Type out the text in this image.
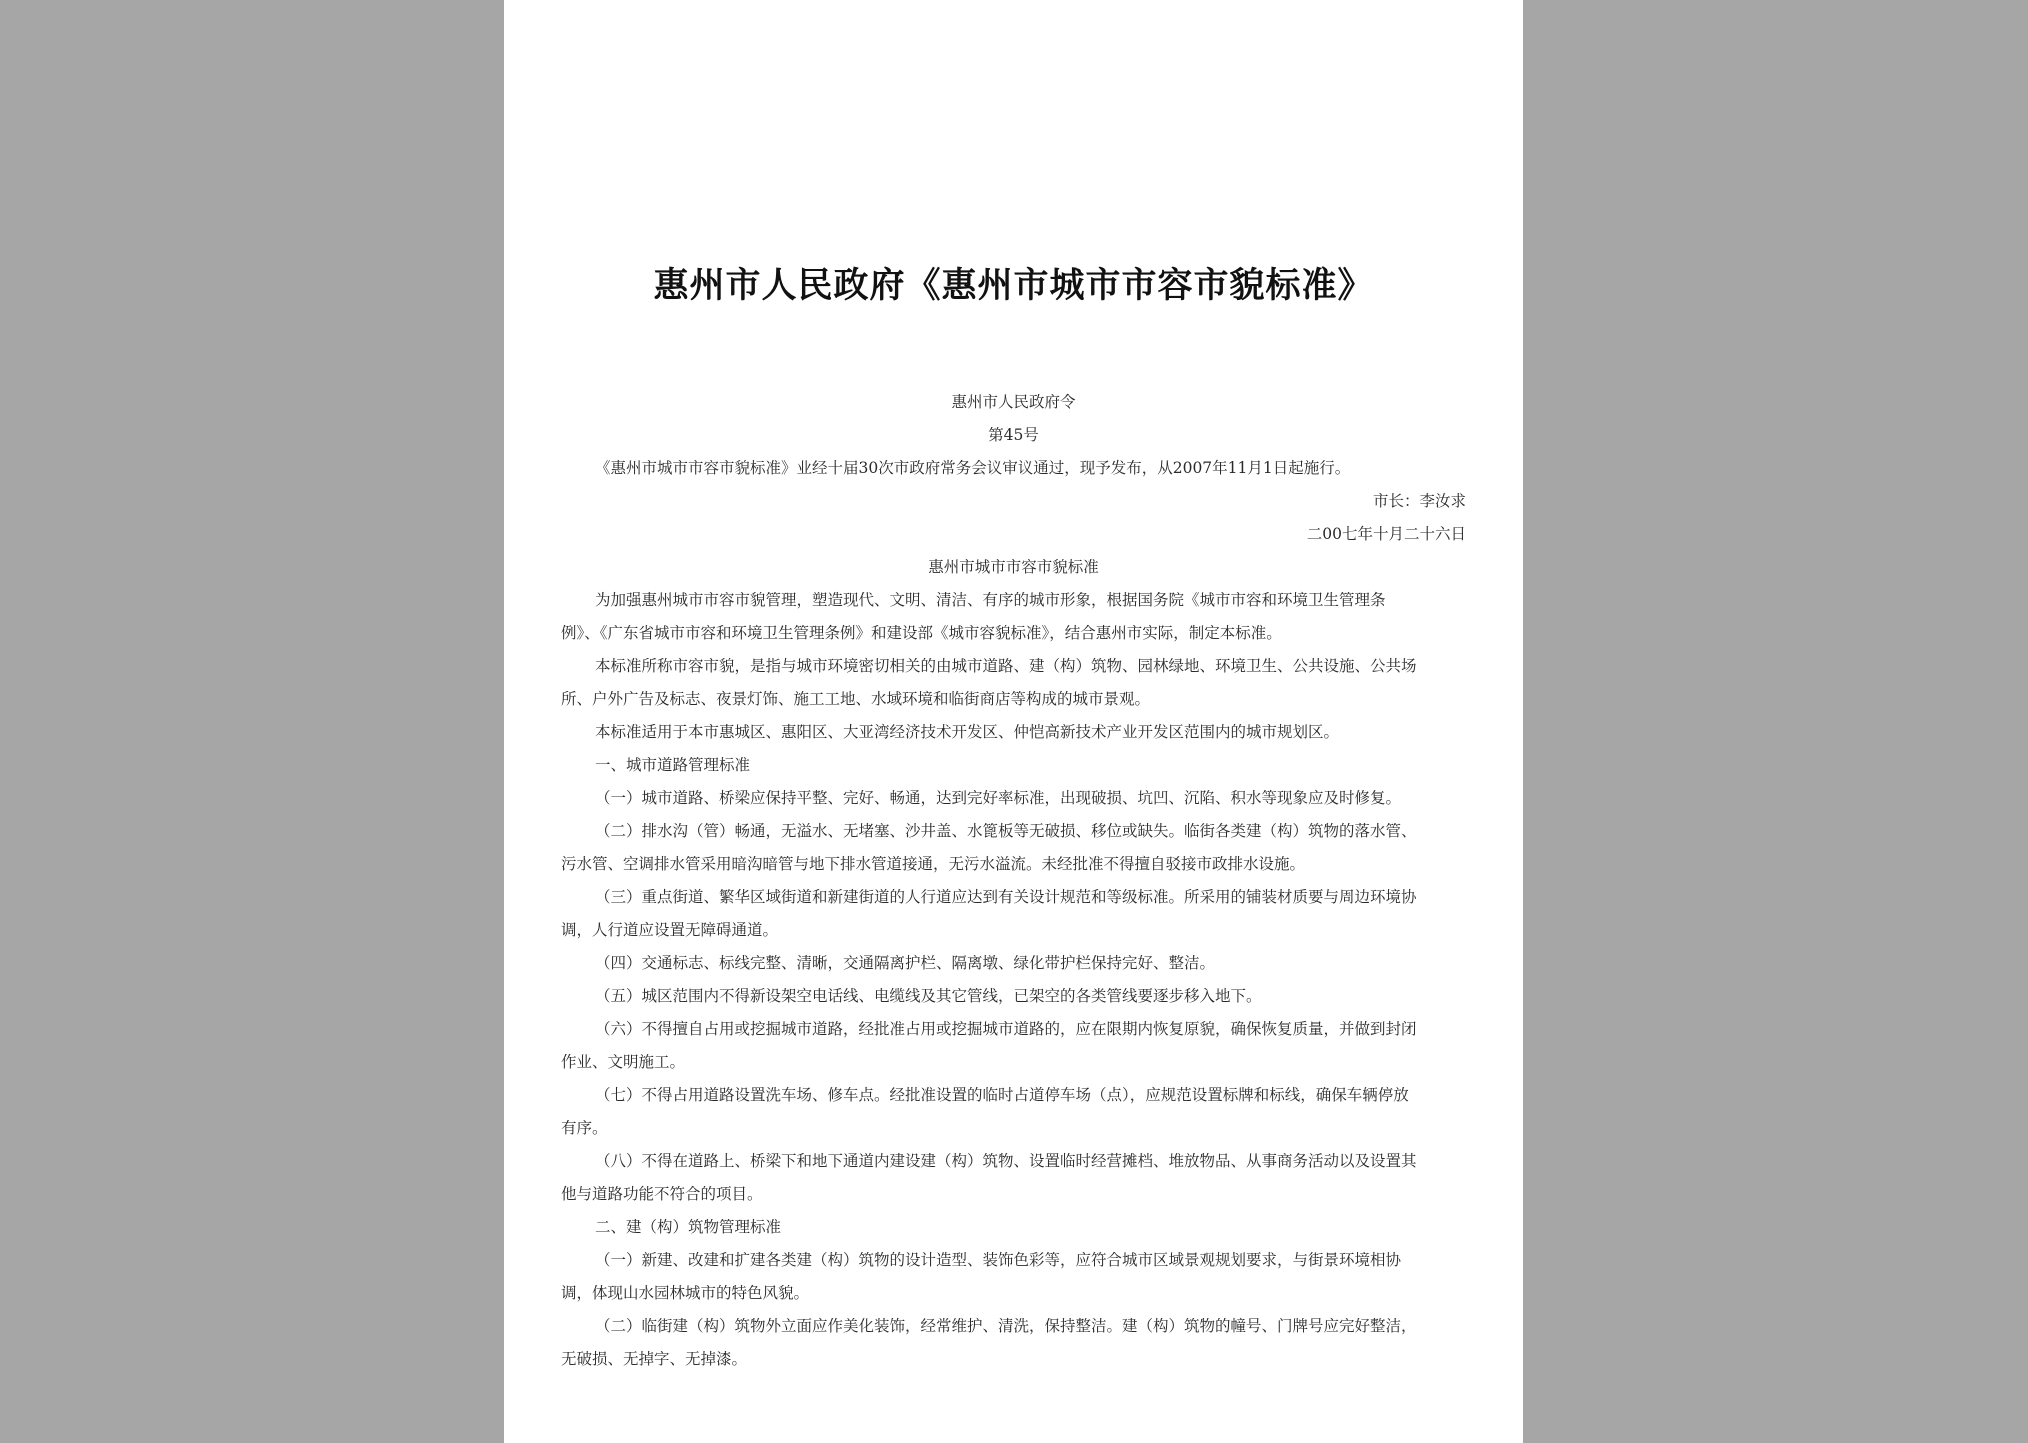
惠州市人民政府《惠州市城市市容市貌标准》
惠州市人民政府令
第45号
《惠州市城市市容市貌标准》业经十届30次市政府常务会议审议通过，现予发布，从2007年11月1日起施行。
市长：李汝求
二00七年十月二十六日
惠州市城市市容市貌标准
为加强惠州城市市容市貌管理，塑造现代、文明、清洁、有序的城市形象，根据国务院《城市市容和环境卫生管理条
例》、《广东省城市市容和环境卫生管理条例》和建设部《城市容貌标准》，结合惠州市实际，制定本标准。
本标准所称市容市貌，是指与城市环境密切相关的由城市道路、建（构）筑物、园林绿地、环境卫生、公共设施、公共场
所、户外广告及标志、夜景灯饰、施工工地、水域环境和临街商店等构成的城市景观。
本标准适用于本市惠城区、惠阳区、大亚湾经济技术开发区、仲恺高新技术产业开发区范围内的城市规划区。
一、城市道路管理标准
（一）城市道路、桥梁应保持平整、完好、畅通，达到完好率标准，出现破损、坑凹、沉陷、积水等现象应及时修复。
（二）排水沟（管）畅通，无溢水、无堵塞、沙井盖、水篦板等无破损、移位或缺失。临街各类建（构）筑物的落水管、
污水管、空调排水管采用暗沟暗管与地下排水管道接通，无污水溢流。未经批准不得擅自驳接市政排水设施。
（三）重点街道、繁华区域街道和新建街道的人行道应达到有关设计规范和等级标准。所采用的铺装材质要与周边环境协
调，人行道应设置无障碍通道。
（四）交通标志、标线完整、清晰，交通隔离护栏、隔离墩、绿化带护栏保持完好、整洁。
（五）城区范围内不得新设架空电话线、电缆线及其它管线，已架空的各类管线要逐步移入地下。
（六）不得擅自占用或挖掘城市道路，经批准占用或挖掘城市道路的，应在限期内恢复原貌，确保恢复质量，并做到封闭
作业、文明施工。
（七）不得占用道路设置洗车场、修车点。经批准设置的临时占道停车场（点），应规范设置标牌和标线，确保车辆停放
有序。
（八）不得在道路上、桥梁下和地下通道内建设建（构）筑物、设置临时经营摊档、堆放物品、从事商务活动以及设置其
他与道路功能不符合的项目。
二、建（构）筑物管理标准
（一）新建、改建和扩建各类建（构）筑物的设计造型、装饰色彩等，应符合城市区域景观规划要求，与街景环境相协
调，体现山水园林城市的特色风貌。
（二）临街建（构）筑物外立面应作美化装饰，经常维护、清洗，保持整洁。建（构）筑物的幢号、门牌号应完好整洁，
无破损、无掉字、无掉漆。
